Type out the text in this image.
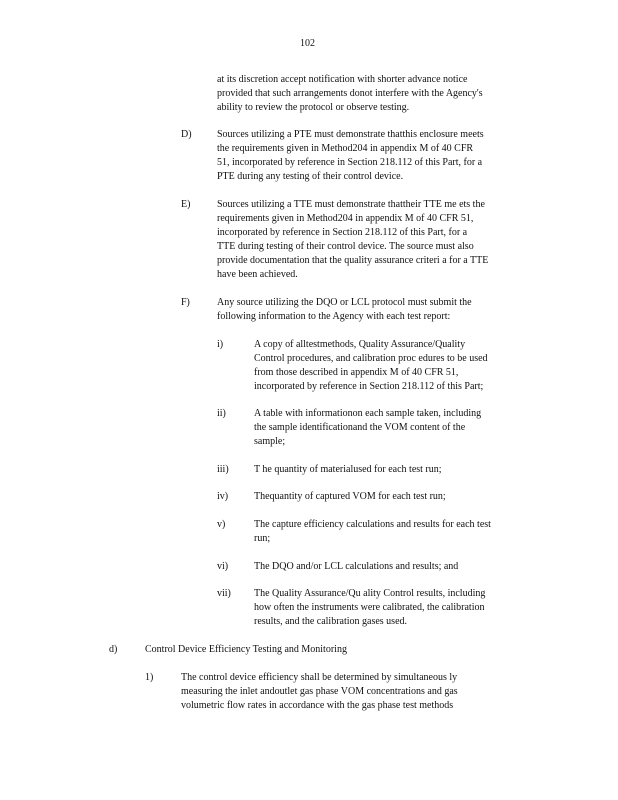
102
at its discretion accept notification with shorter advance notice
provided that such arrangements donot interfere with the Agency's
ability to review the protocol or observe testing.
D)	Sources utilizing a PTE must demonstrate thatthis enclosure meets
the requirements given in Method204 in appendix M of 40 CFR
51, incorporated by reference in Section 218.112 of this Part, for a
PTE during any testing of their control device.
E)	Sources utilizing a TTE must demonstrate thattheir TTE me ets the
requirements given in Method204 in appendix M of 40 CFR 51,
incorporated by reference in Section 218.112 of this Part, for a
TTE during testing of their control device. The source must also
provide documentation that the quality assurance criteri a for a TTE
have been achieved.
F)	Any source utilizing the DQO or LCL protocol must submit the
following information to the Agency with each test report:
i)	A copy of alltestmethods, Quality Assurance/Quality
Control procedures, and calibration proc edures to be used
from those described in appendix M of 40 CFR 51,
incorporated by reference in Section 218.112 of this Part;
ii)	A table with informationon each sample taken, including
the sample identificationand the VOM content of the
sample;
iii)	T he quantity of materialused for each test run;
iv)	Thequantity of captured VOM for each test run;
v)	The capture efficiency calculations and results for each test
run;
vi)	The DQO and/or LCL calculations and results; and
vii) The Quality Assurance/Qu ality Control results, including
how often the instruments were calibrated, the calibration
results, and the calibration gases used.
d)	Control Device Efficiency Testing and Monitoring
1)	The control device efficiency shall be determined by simultaneous ly
measuring the inlet andoutlet gas phase VOM concentrations and gas
volumetric flow rates in accordance with the gas phase test methods
